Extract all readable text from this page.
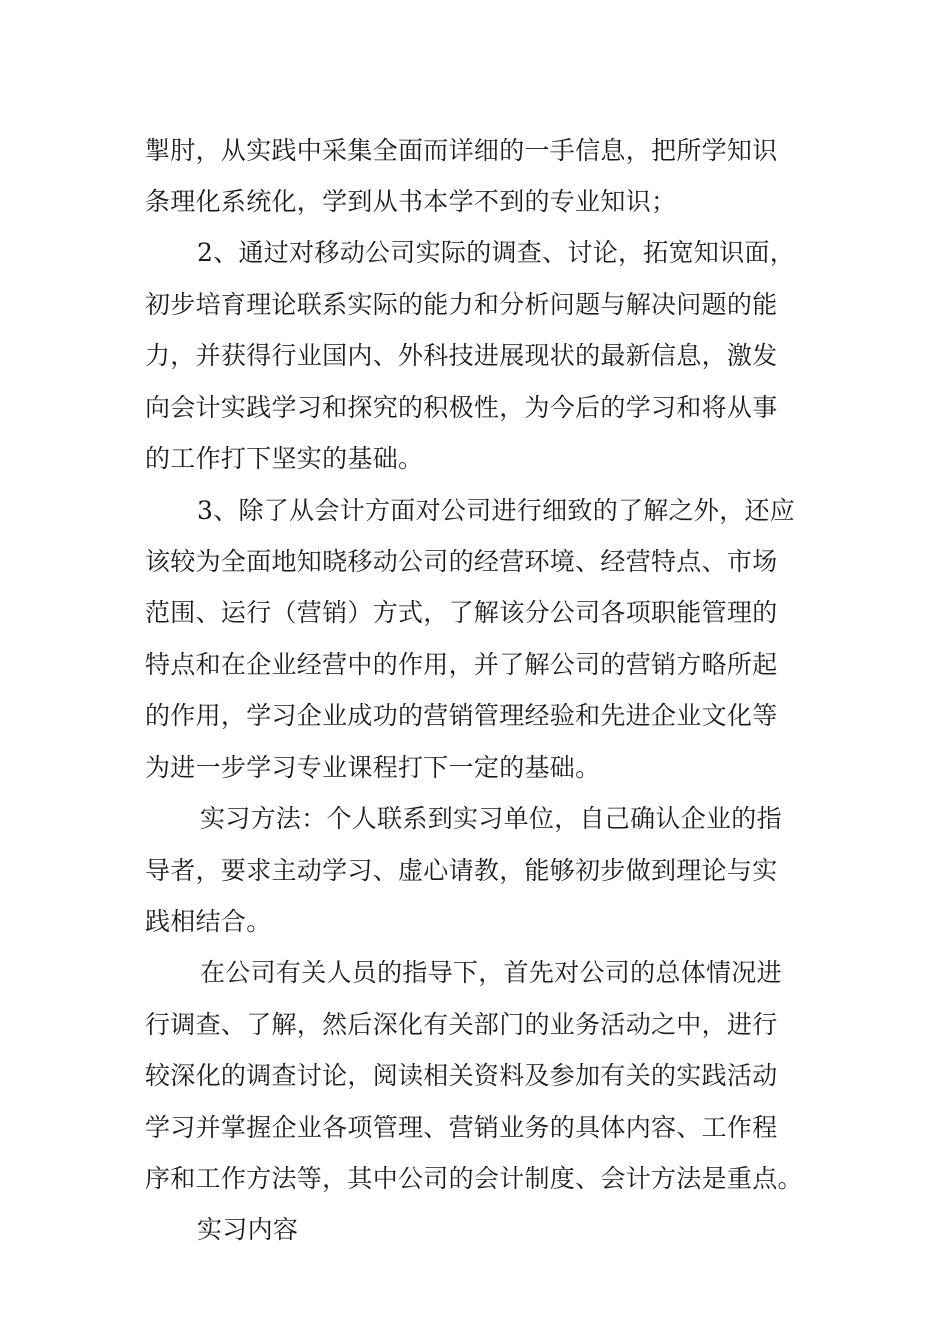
掣肘，从实践中采集全面而详细的一手信息，把所学知识
条理化系统化，学到从书本学不到的专业知识；
2、通过对移动公司实际的调查、讨论，拓宽知识面，
初步培育理论联系实际的能力和分析问题与解决问题的能
力，并获得行业国内、外科技进展现状的最新信息，激发
向会计实践学习和探究的积极性，为今后的学习和将从事
的工作打下坚实的基础。
3、除了从会计方面对公司进行细致的了解之外，还应
该较为全面地知晓移动公司的经营环境、经营特点、市场
范围、运行（营销）方式，了解该分公司各项职能管理的
特点和在企业经营中的作用，并了解公司的营销方略所起
的作用，学习企业成功的营销管理经验和先进企业文化等
为进一步学习专业课程打下一定的基础。
实习方法：个人联系到实习单位，自己确认企业的指
导者，要求主动学习、虚心请教，能够初步做到理论与实
践相结合。
在公司有关人员的指导下，首先对公司的总体情况进
行调查、了解，然后深化有关部门的业务活动之中，进行
较深化的调查讨论，阅读相关资料及参加有关的实践活动
学习并掌握企业各项管理、营销业务的具体内容、工作程
序和工作方法等，其中公司的会计制度、会计方法是重点。
实习内容
